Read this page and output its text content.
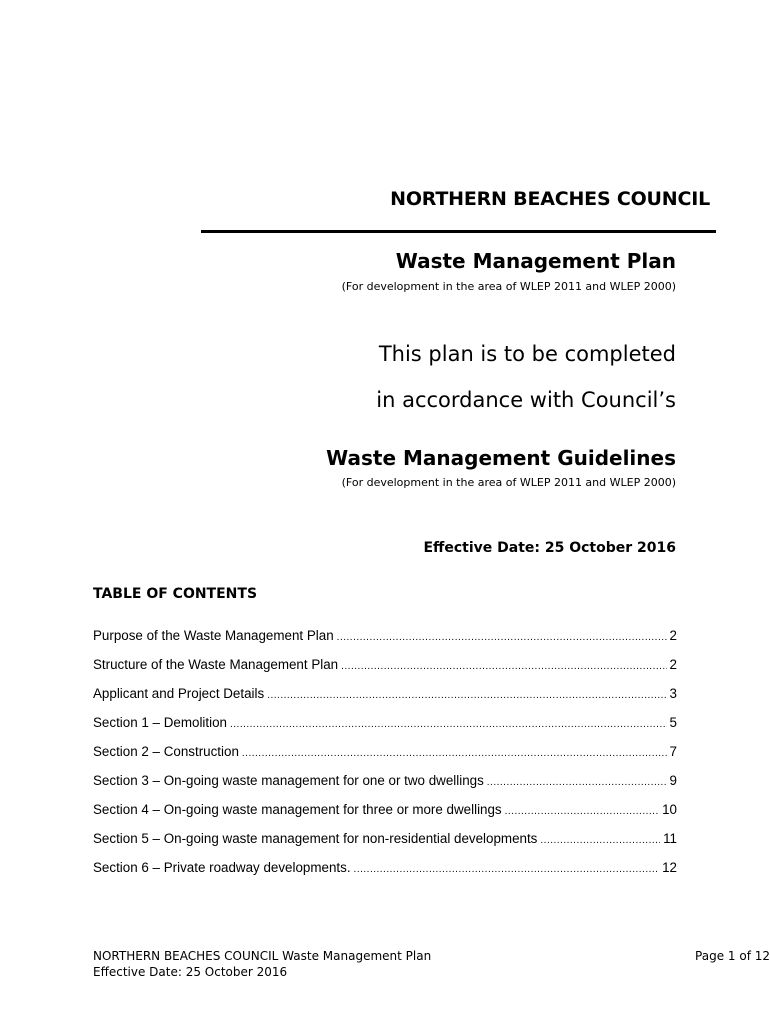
NORTHERN BEACHES COUNCIL
Waste Management Plan
(For development in the area of WLEP 2011 and WLEP 2000)
This plan is to be completed
in accordance with Council’s
Waste Management Guidelines
(For development in the area of WLEP 2011 and WLEP 2000)
Effective Date: 25 October 2016
TABLE OF CONTENTS
Purpose of the Waste Management Plan .....	2
Structure of the Waste Management Plan .....	2
Applicant and Project Details .....	3
Section 1 – Demolition .....	5
Section 2 – Construction .....	7
Section 3 – On-going waste management for one or two dwellings .....	9
Section 4 – On-going waste management for three or more dwellings .....	10
Section 5 – On-going waste management for non-residential developments .....	11
Section 6 – Private roadway developments. .....	12
NORTHERN BEACHES COUNCIL Waste Management Plan
Effective Date: 25 October 2016
Page 1 of 12
